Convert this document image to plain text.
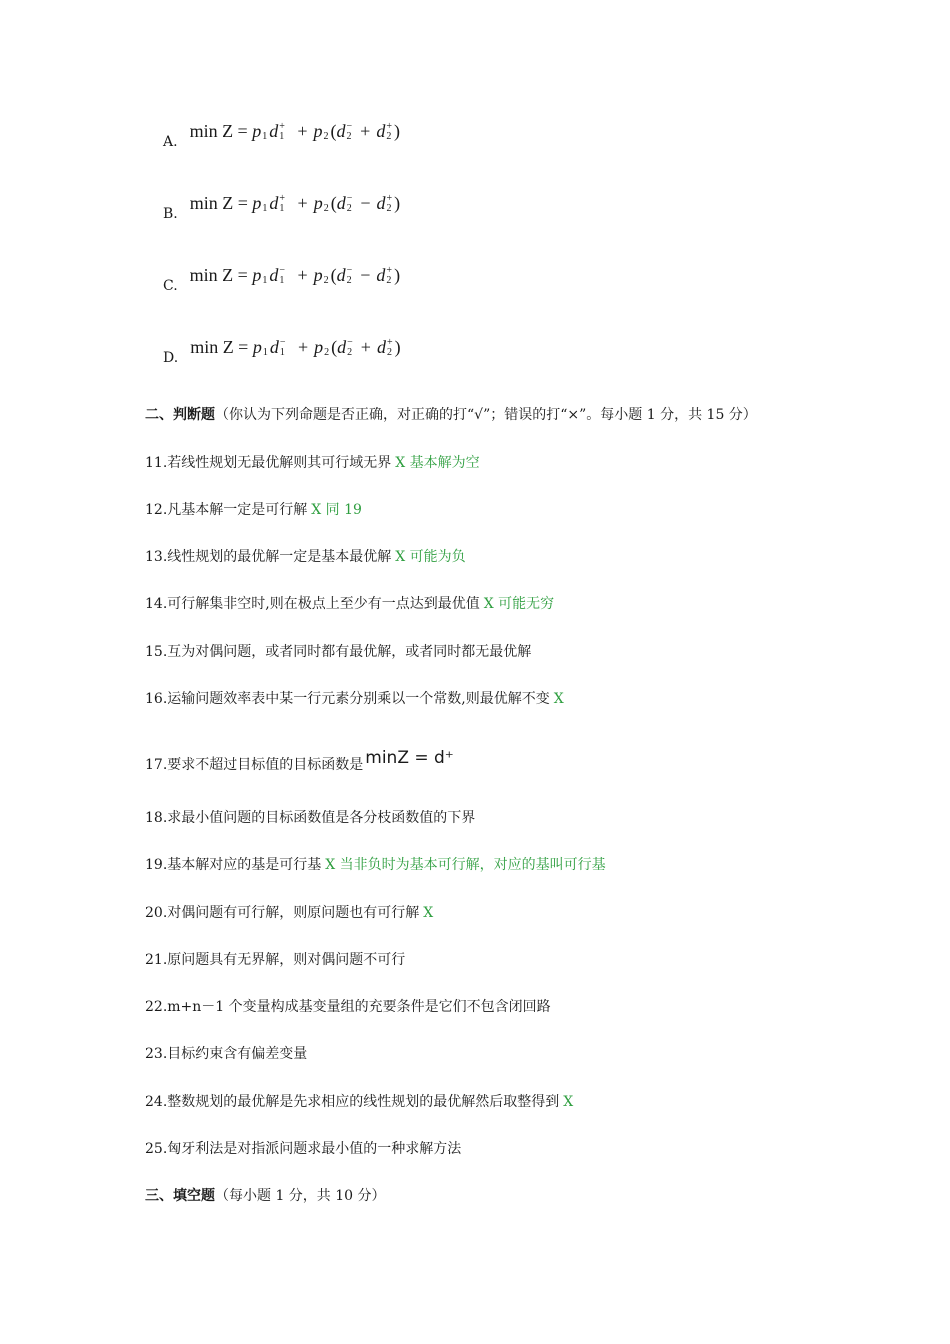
A.
min Z = p
1 d +
1 + p
2 (d −
2 + d +
2 )
B.
min Z = p
1 d +
1 + p
2 (d −
2 − d +
2 )
C.
min Z = p
1 d −
1 + p
2 (d −
2 − d +
2 )
D.
min Z = p
1 d −
1 + p
2 (d −
2 + d +
2 )
二、判断题（你认为下列命题是否正确，对正确的打“√”；错误的打“×”。每小题 1 分，共 15 分）
11.若线性规划无最优解则其可行域无界 X 基本解为空
12.凡基本解一定是可行解 X 同 19
13.线性规划的最优解一定是基本最优解 X 可能为负
14.可行解集非空时,则在极点上至少有一点达到最优值 X 可能无穷
15.互为对偶问题，或者同时都有最优解，或者同时都无最优解
16.运输问题效率表中某一行元素分别乘以一个常数,则最优解不变 X
17.要求不超过目标值的目标函数是 minZ = d⁺
18.求最小值问题的目标函数值是各分枝函数值的下界
19.基本解对应的基是可行基 X 当非负时为基本可行解，对应的基叫可行基
20.对偶问题有可行解，则原问题也有可行解 X
21.原问题具有无界解，则对偶问题不可行
22.m+n－1 个变量构成基变量组的充要条件是它们不包含闭回路
23.目标约束含有偏差变量
24.整数规划的最优解是先求相应的线性规划的最优解然后取整得到 X
25.匈牙利法是对指派问题求最小值的一种求解方法
三、填空题（每小题 1 分，共 10 分）
